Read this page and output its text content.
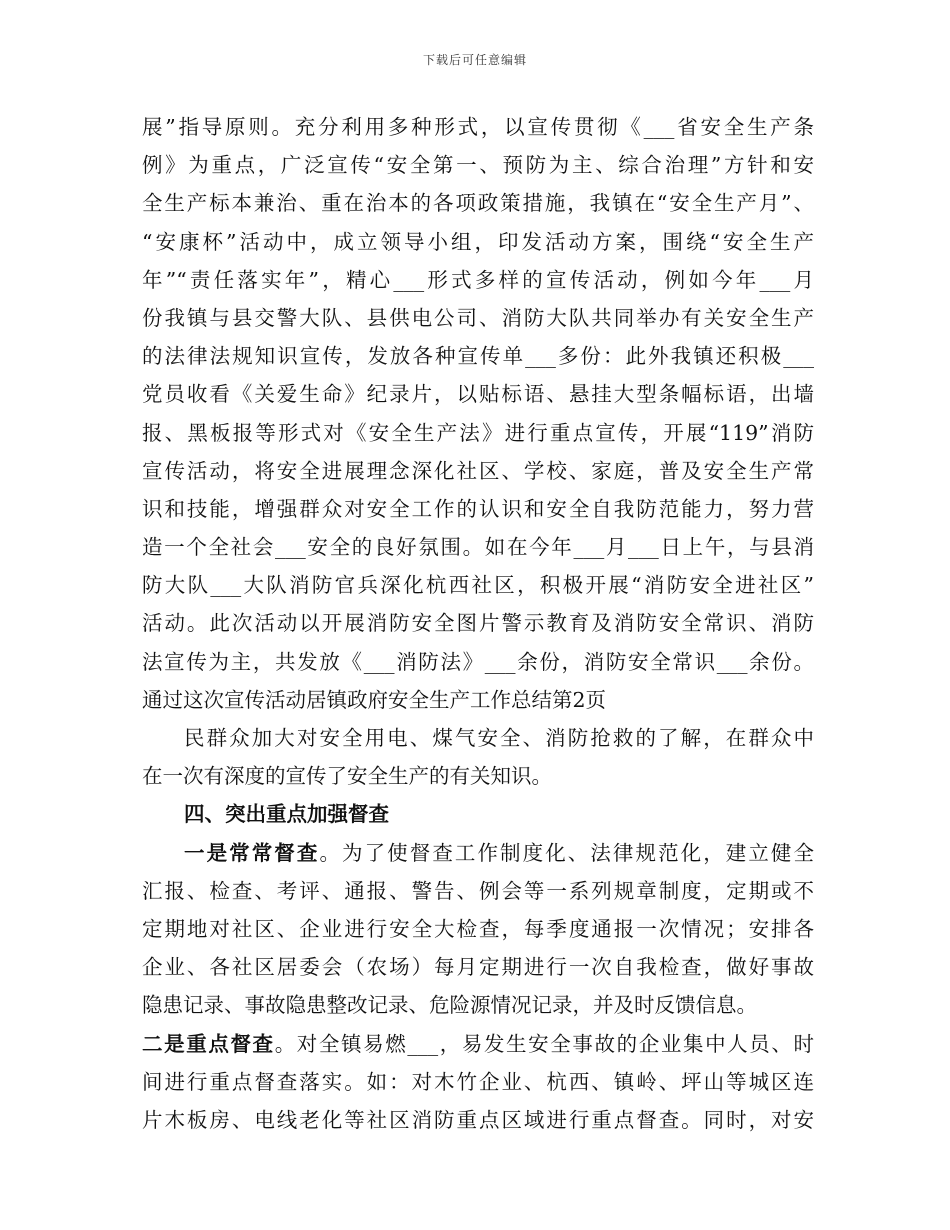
下载后可任意编辑
展”指导原则。充分利用多种形式，以宣传贯彻《___省安全生产条
例》为重点，广泛宣传“安全第一、预防为主、综合治理”方针和安
全生产标本兼治、重在治本的各项政策措施，我镇在“安全生产月”、
“安康杯”活动中，成立领导小组，印发活动方案，围绕“安全生产
年”“责任落实年”，精心___形式多样的宣传活动，例如今年___月
份我镇与县交警大队、县供电公司、消防大队共同举办有关安全生产
的法律法规知识宣传，发放各种宣传单___多份：此外我镇还积极___
党员收看《关爱生命》纪录片，以贴标语、悬挂大型条幅标语，出墙
报、黑板报等形式对《安全生产法》进行重点宣传，开展“119”消防
宣传活动，将安全进展理念深化社区、学校、家庭，普及安全生产常
识和技能，增强群众对安全工作的认识和安全自我防范能力，努力营
造一个全社会___安全的良好氛围。如在今年___月___日上午，与县消
防大队___大队消防官兵深化杭西社区，积极开展“消防安全进社区”
活动。此次活动以开展消防安全图片警示教育及消防安全常识、消防
法宣传为主，共发放《___消防法》___余份，消防安全常识___余份。
通过这次宣传活动居镇政府安全生产工作总结第2页
民群众加大对安全用电、煤气安全、消防抢救的了解，在群众中
在一次有深度的宣传了安全生产的有关知识。
四、突出重点加强督查
一是常常督查。为了使督查工作制度化、法律规范化，建立健全
汇报、检查、考评、通报、警告、例会等一系列规章制度，定期或不
定期地对社区、企业进行安全大检查，每季度通报一次情况；安排各
企业、各社区居委会（农场）每月定期进行一次自我检查，做好事故
隐患记录、事故隐患整改记录、危险源情况记录，并及时反馈信息。
二是重点督查。对全镇易燃___，易发生安全事故的企业集中人员、时
间进行重点督查落实。如：对木竹企业、杭西、镇岭、坪山等城区连
片木板房、电线老化等社区消防重点区域进行重点督查。同时，对安
